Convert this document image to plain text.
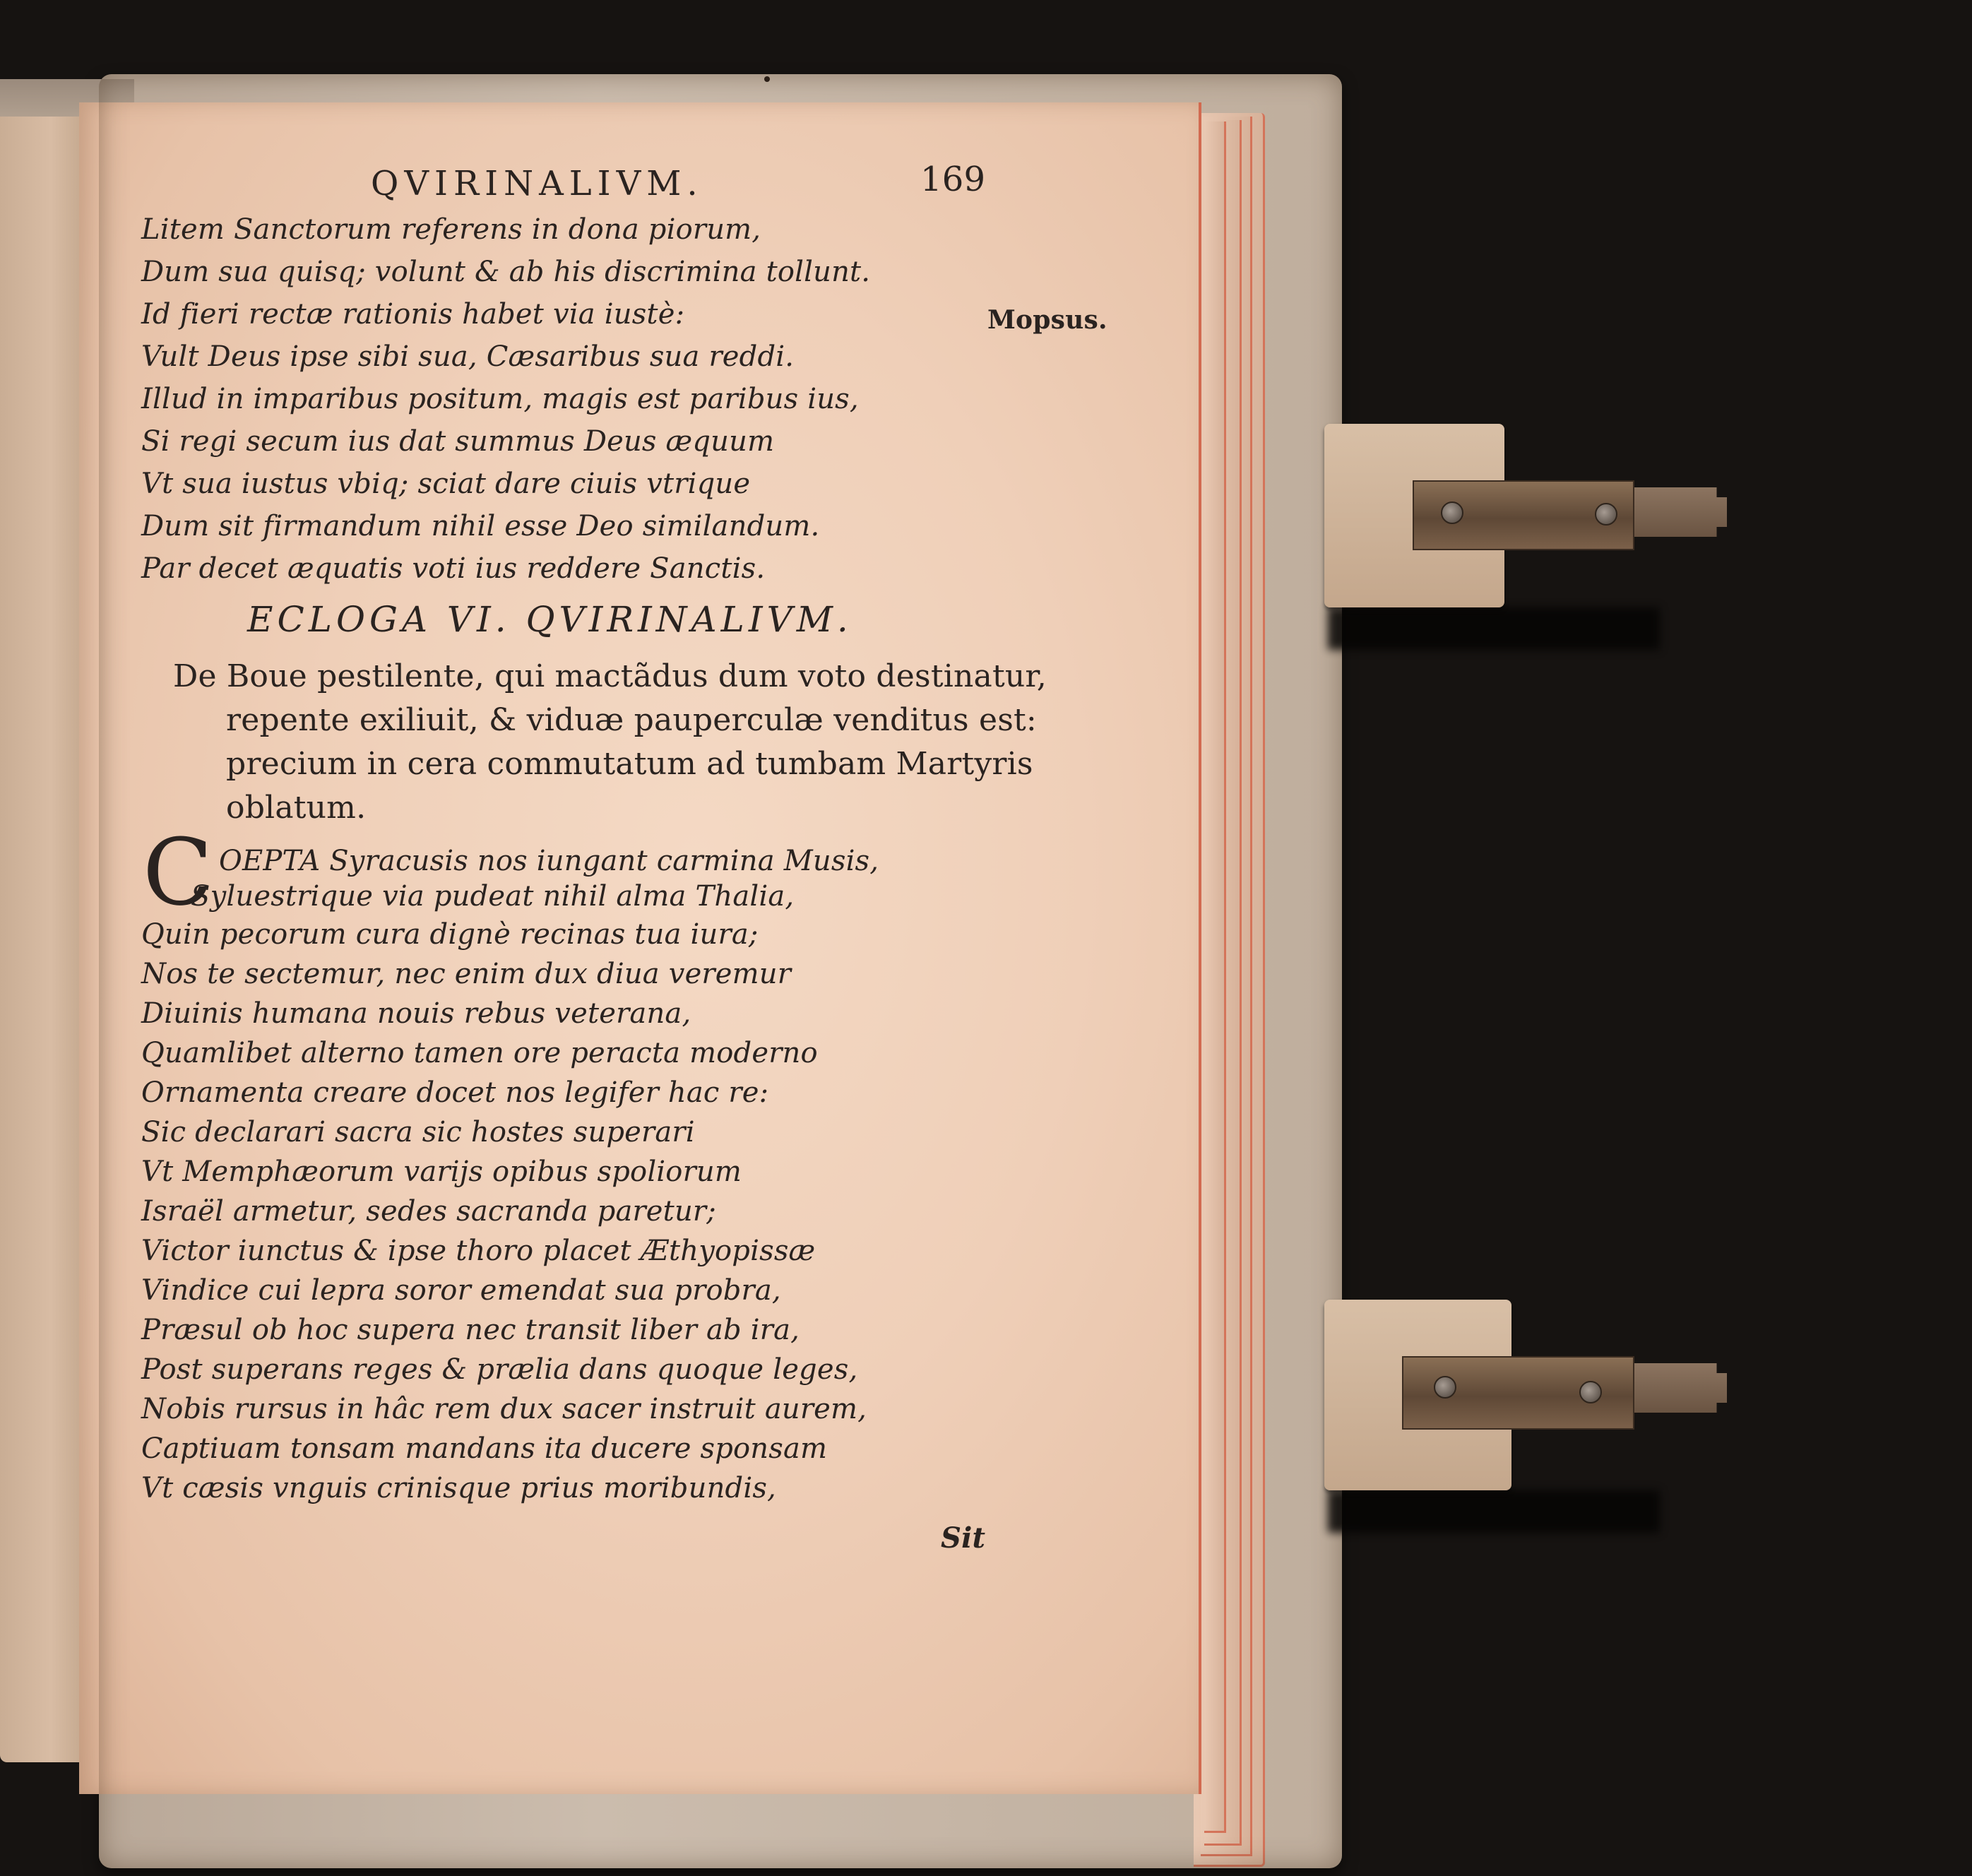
QVIRINALIVM.	169
Mopsus.
Litem Sanctorum referens in dona piorum,
Dum sua quisq; volunt & ab his discrimina tollunt.
Id fieri rectæ rationis habet via iustè:
Vult Deus ipse sibi sua, Cæsaribus sua reddi.
Illud in imparibus positum, magis est paribus ius,
Si regi secum ius dat summus Deus æquum
Vt sua iustus vbiq; sciat dare ciuis vtrique
Dum sit firmandum nihil esse Deo similandum.
Par decet æquatis voti ius reddere Sanctis.
ECLOGA VI. QVIRINALIVM.
De Boue pestilente, qui mactãdus dum voto destinatur,
repente exiliuit, & viduæ pauperculæ venditus est:
precium in cera commutatum ad tumbam Martyris
oblatum.
C OEPTA Syracusis nos iungant carmina Musis,
Syluestrique via pudeat nihil alma Thalia,
Quin pecorum cura dignè recinas tua iura;
Nos te sectemur, nec enim dux diua veremur
Diuinis humana nouis rebus veterana,
Quamlibet alterno tamen ore peracta moderno
Ornamenta creare docet nos legifer hac re:
Sic declarari sacra sic hostes superari
Vt Memphæorum varijs opibus spoliorum
Israël armetur, sedes sacranda paretur;
Victor iunctus & ipse thoro placet Æthyopissæ
Vindice cui lepra soror emendat sua probra,
Præsul ob hoc supera nec transit liber ab ira,
Post superans reges & prælia dans quoque leges,
Nobis rursus in hâc rem dux sacer instruit aurem,
Captiuam tonsam mandans ita ducere sponsam
Vt cæsis vnguis crinisque prius moribundis,
Sit
